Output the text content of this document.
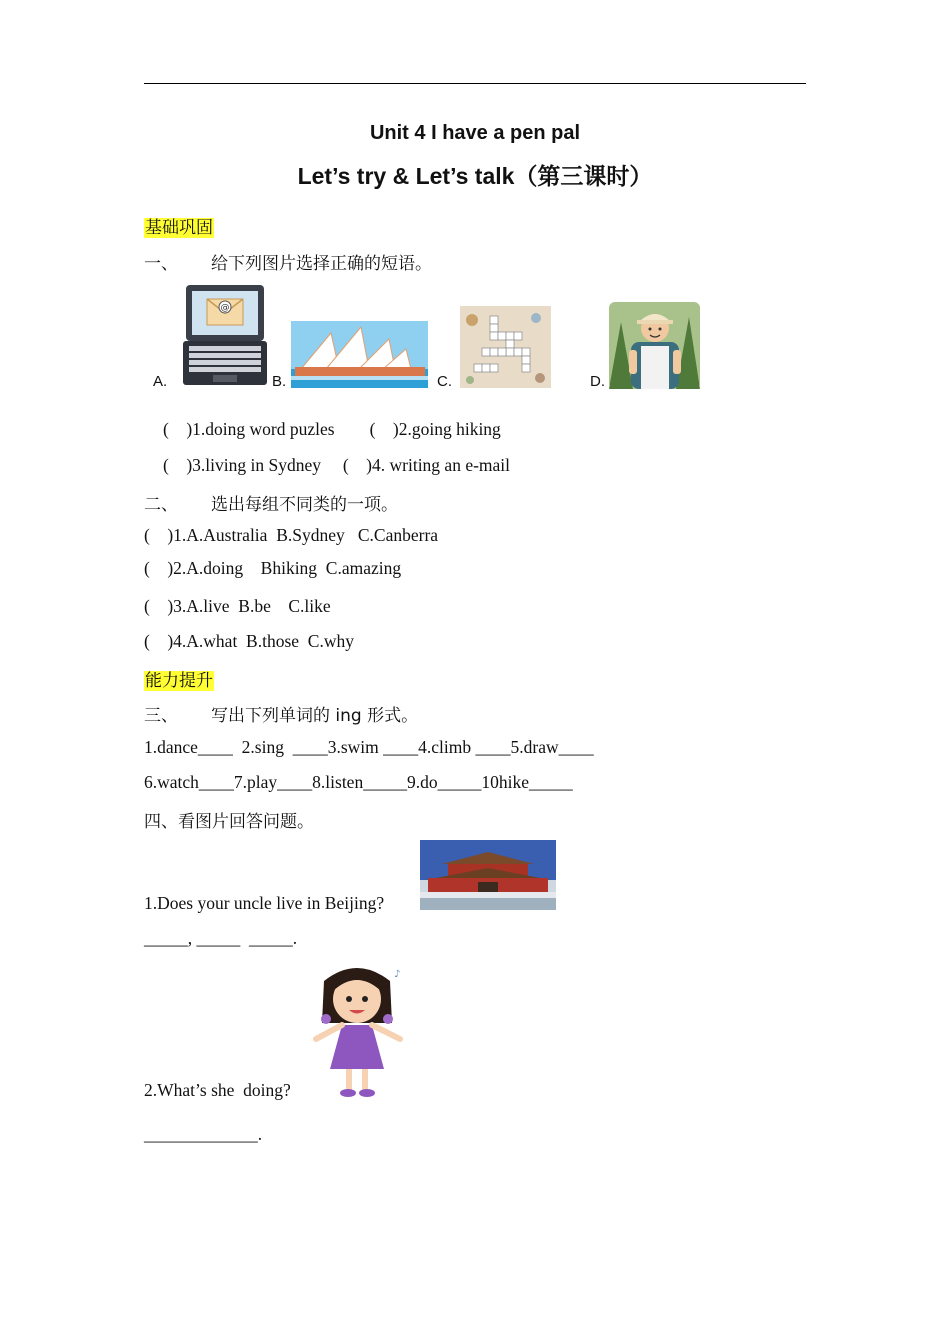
Unit 4 I have a pen pal
Let’s try & Let’s talk（第三课时）
基础巩固
一、 给下列图片选择正确的短语。
A.	B.	C.	D.
@
(    )1.doing word puzles        (    )2.going hiking
(    )3.living in Sydney     (    )4. writing an e-mail
二、 选出每组不同类的一项。
(    )1.A.Australia  B.Sydney   C.Canberra
(    )2.A.doing    Bhiking  C.amazing
(    )3.A.live  B.be    C.like
(    )4.A.what  B.those  C.why
能力提升
三、 写出下列单词的 ing 形式。
1.dance____  2.sing  ____3.swim ____4.climb ____5.draw____
6.watch____7.play____8.listen_____9.do_____10hike_____
四、看图片回答问题。
1.Does your uncle live in Beijing?
_____, _____  _____.
♪
2.What’s she  doing?
_____________.
